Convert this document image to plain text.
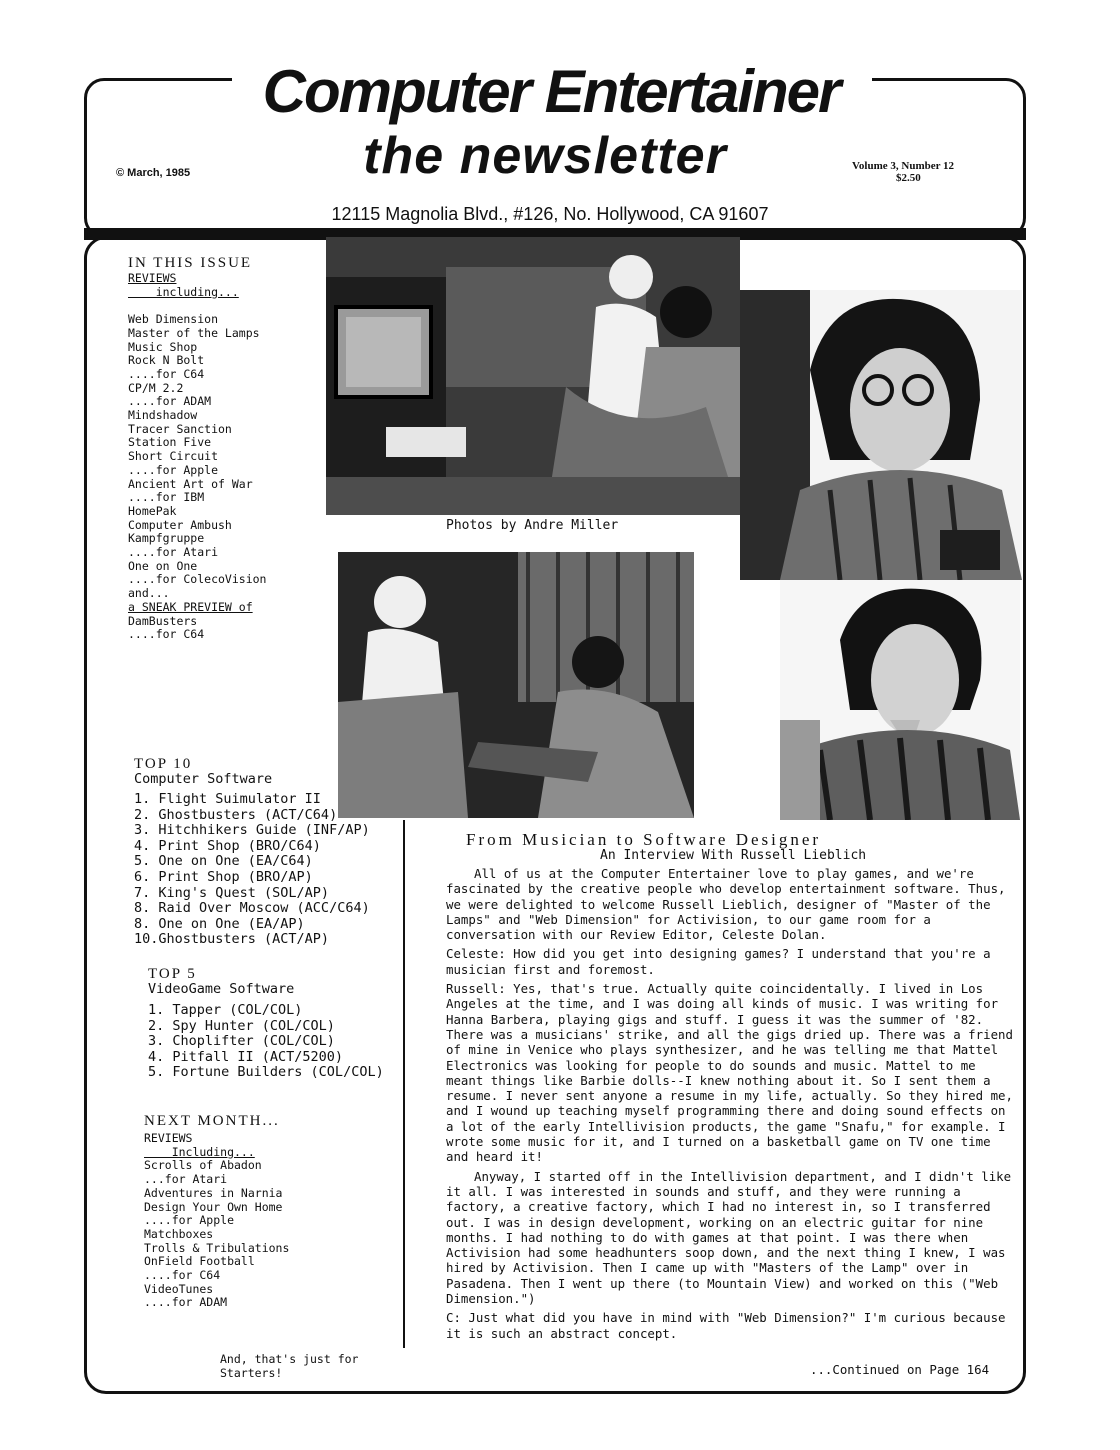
Computer Entertainer
the newsletter
© March, 1985
Volume 3, Number 12
$2.50
12115 Magnolia Blvd., #126, No. Hollywood, CA 91607
IN THIS ISSUE
REVIEWS
including...

Web Dimension
Master of the Lamps
Music Shop
Rock N Bolt
....for C64
CP/M 2.2
....for ADAM
Mindshadow
Tracer Sanction
Station Five
Short Circuit
....for Apple
Ancient Art of War
....for IBM
HomePak
Computer Ambush
Kampfgruppe
....for Atari
One on One
....for ColecoVision
and...
a SNEAK PREVIEW of
DamBusters
....for C64
Photos by Andre Miller
TOP 10
Computer Software
1. Flight Suimulator II
2. Ghostbusters (ACT/C64)
3. Hitchhikers Guide (INF/AP)
4. Print Shop (BRO/C64)
5. One on One (EA/C64)
6. Print Shop (BRO/AP)
7. King's Quest (SOL/AP)
8. Raid Over Moscow (ACC/C64)
8. One on One (EA/AP)
10.Ghostbusters (ACT/AP)
TOP 5
VideoGame Software
1. Tapper (COL/COL)
2. Spy Hunter (COL/COL)
3. Choplifter (COL/COL)
4. Pitfall II (ACT/5200)
5. Fortune Builders (COL/COL)
NEXT MONTH...
REVIEWS
Including...
Scrolls of Abadon
...for Atari
Adventures in Narnia
Design Your Own Home
....for Apple
Matchboxes
Trolls & Tribulations
OnField Football
....for C64
VideoTunes
....for ADAM
And, that's just for
Starters!
From Musician to Software Designer
An Interview With Russell Lieblich

All of us at the Computer Entertainer love to play games, and we're fascinated by the creative people who develop entertainment software. Thus, we were delighted to welcome Russell Lieblich, designer of "Master of the Lamps" and "Web Dimension" for Activision, to our game room for a conversation with our Review Editor, Celeste Dolan.

Celeste: How did you get into designing games? I understand that you're a musician first and foremost.

Russell: Yes, that's true. Actually quite coincidentally. I lived in Los Angeles at the time, and I was doing all kinds of music. I was writing for Hanna Barbera, playing gigs and stuff. I guess it was the summer of '82. There was a musicians' strike, and all the gigs dried up. There was a friend of mine in Venice who plays synthesizer, and he was telling me that Mattel Electronics was looking for people to do sounds and music. Mattel to me meant things like Barbie dolls--I knew nothing about it. So I sent them a resume. I never sent anyone a resume in my life, actually. So they hired me, and I wound up teaching myself programming there and doing sound effects on a lot of the early Intellivision products, the game "Snafu," for example. I wrote some music for it, and I turned on a basketball game on TV one time and heard it!

Anyway, I started off in the Intellivision department, and I didn't like it all. I was interested in sounds and stuff, and they were running a factory, a creative factory, which I had no interest in, so I transferred out. I was in design development, working on an electric guitar for nine months. I had nothing to do with games at that point. I was there when Activision had some headhunters soop down, and the next thing I knew, I was hired by Activision. Then I came up with "Masters of the Lamp" over in Pasadena. Then I went up there (to Mountain View) and worked on this ("Web Dimension.")

C: Just what did you have in mind with "Web Dimension?" I'm curious because it is such an abstract concept.

...Continued on Page 164
